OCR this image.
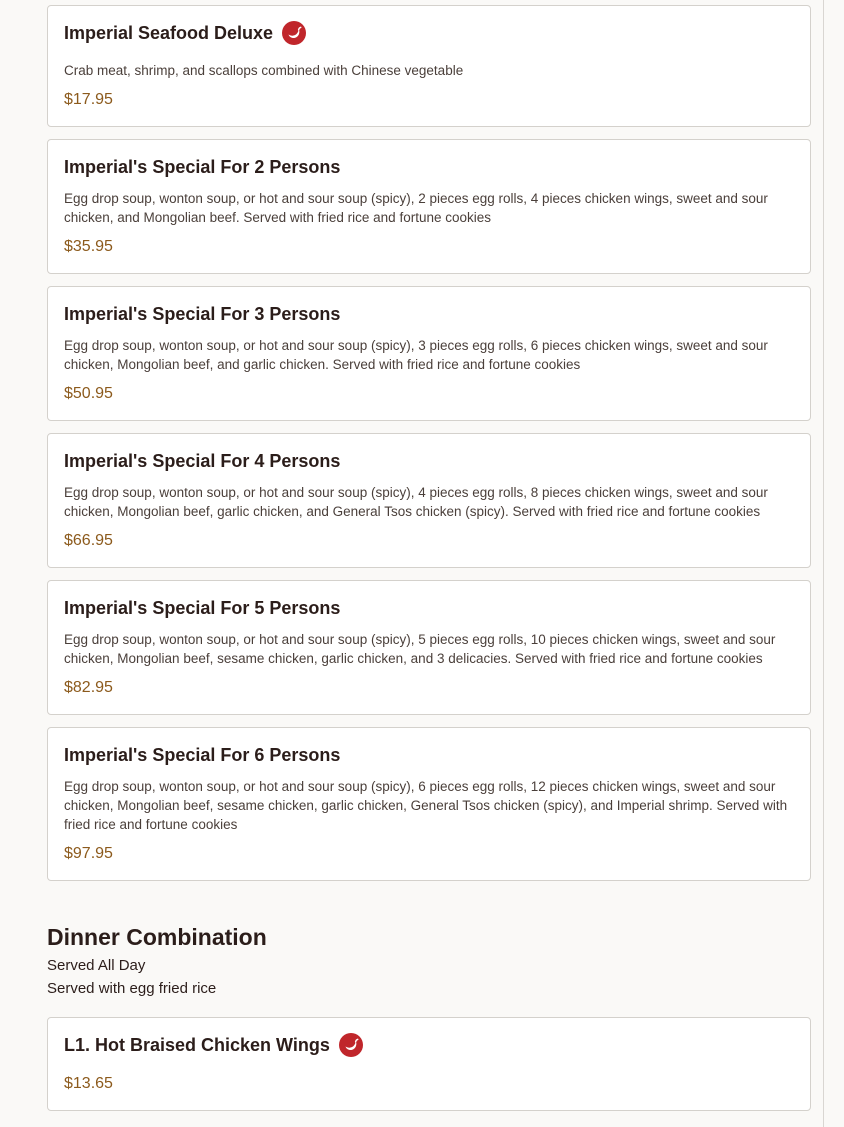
Imperial Seafood Deluxe
Crab meat, shrimp, and scallops combined with Chinese vegetable
$17.95
Imperial's Special For 2 Persons
Egg drop soup, wonton soup, or hot and sour soup (spicy), 2 pieces egg rolls, 4 pieces chicken wings, sweet and sour chicken, and Mongolian beef. Served with fried rice and fortune cookies
$35.95
Imperial's Special For 3 Persons
Egg drop soup, wonton soup, or hot and sour soup (spicy), 3 pieces egg rolls, 6 pieces chicken wings, sweet and sour chicken, Mongolian beef, and garlic chicken. Served with fried rice and fortune cookies
$50.95
Imperial's Special For 4 Persons
Egg drop soup, wonton soup, or hot and sour soup (spicy), 4 pieces egg rolls, 8 pieces chicken wings, sweet and sour chicken, Mongolian beef, garlic chicken, and General Tsos chicken (spicy). Served with fried rice and fortune cookies
$66.95
Imperial's Special For 5 Persons
Egg drop soup, wonton soup, or hot and sour soup (spicy), 5 pieces egg rolls, 10 pieces chicken wings, sweet and sour chicken, Mongolian beef, sesame chicken, garlic chicken, and 3 delicacies. Served with fried rice and fortune cookies
$82.95
Imperial's Special For 6 Persons
Egg drop soup, wonton soup, or hot and sour soup (spicy), 6 pieces egg rolls, 12 pieces chicken wings, sweet and sour chicken, Mongolian beef, sesame chicken, garlic chicken, General Tsos chicken (spicy), and Imperial shrimp. Served with fried rice and fortune cookies
$97.95
Dinner Combination
Served All Day
Served with egg fried rice
L1. Hot Braised Chicken Wings
$13.65
